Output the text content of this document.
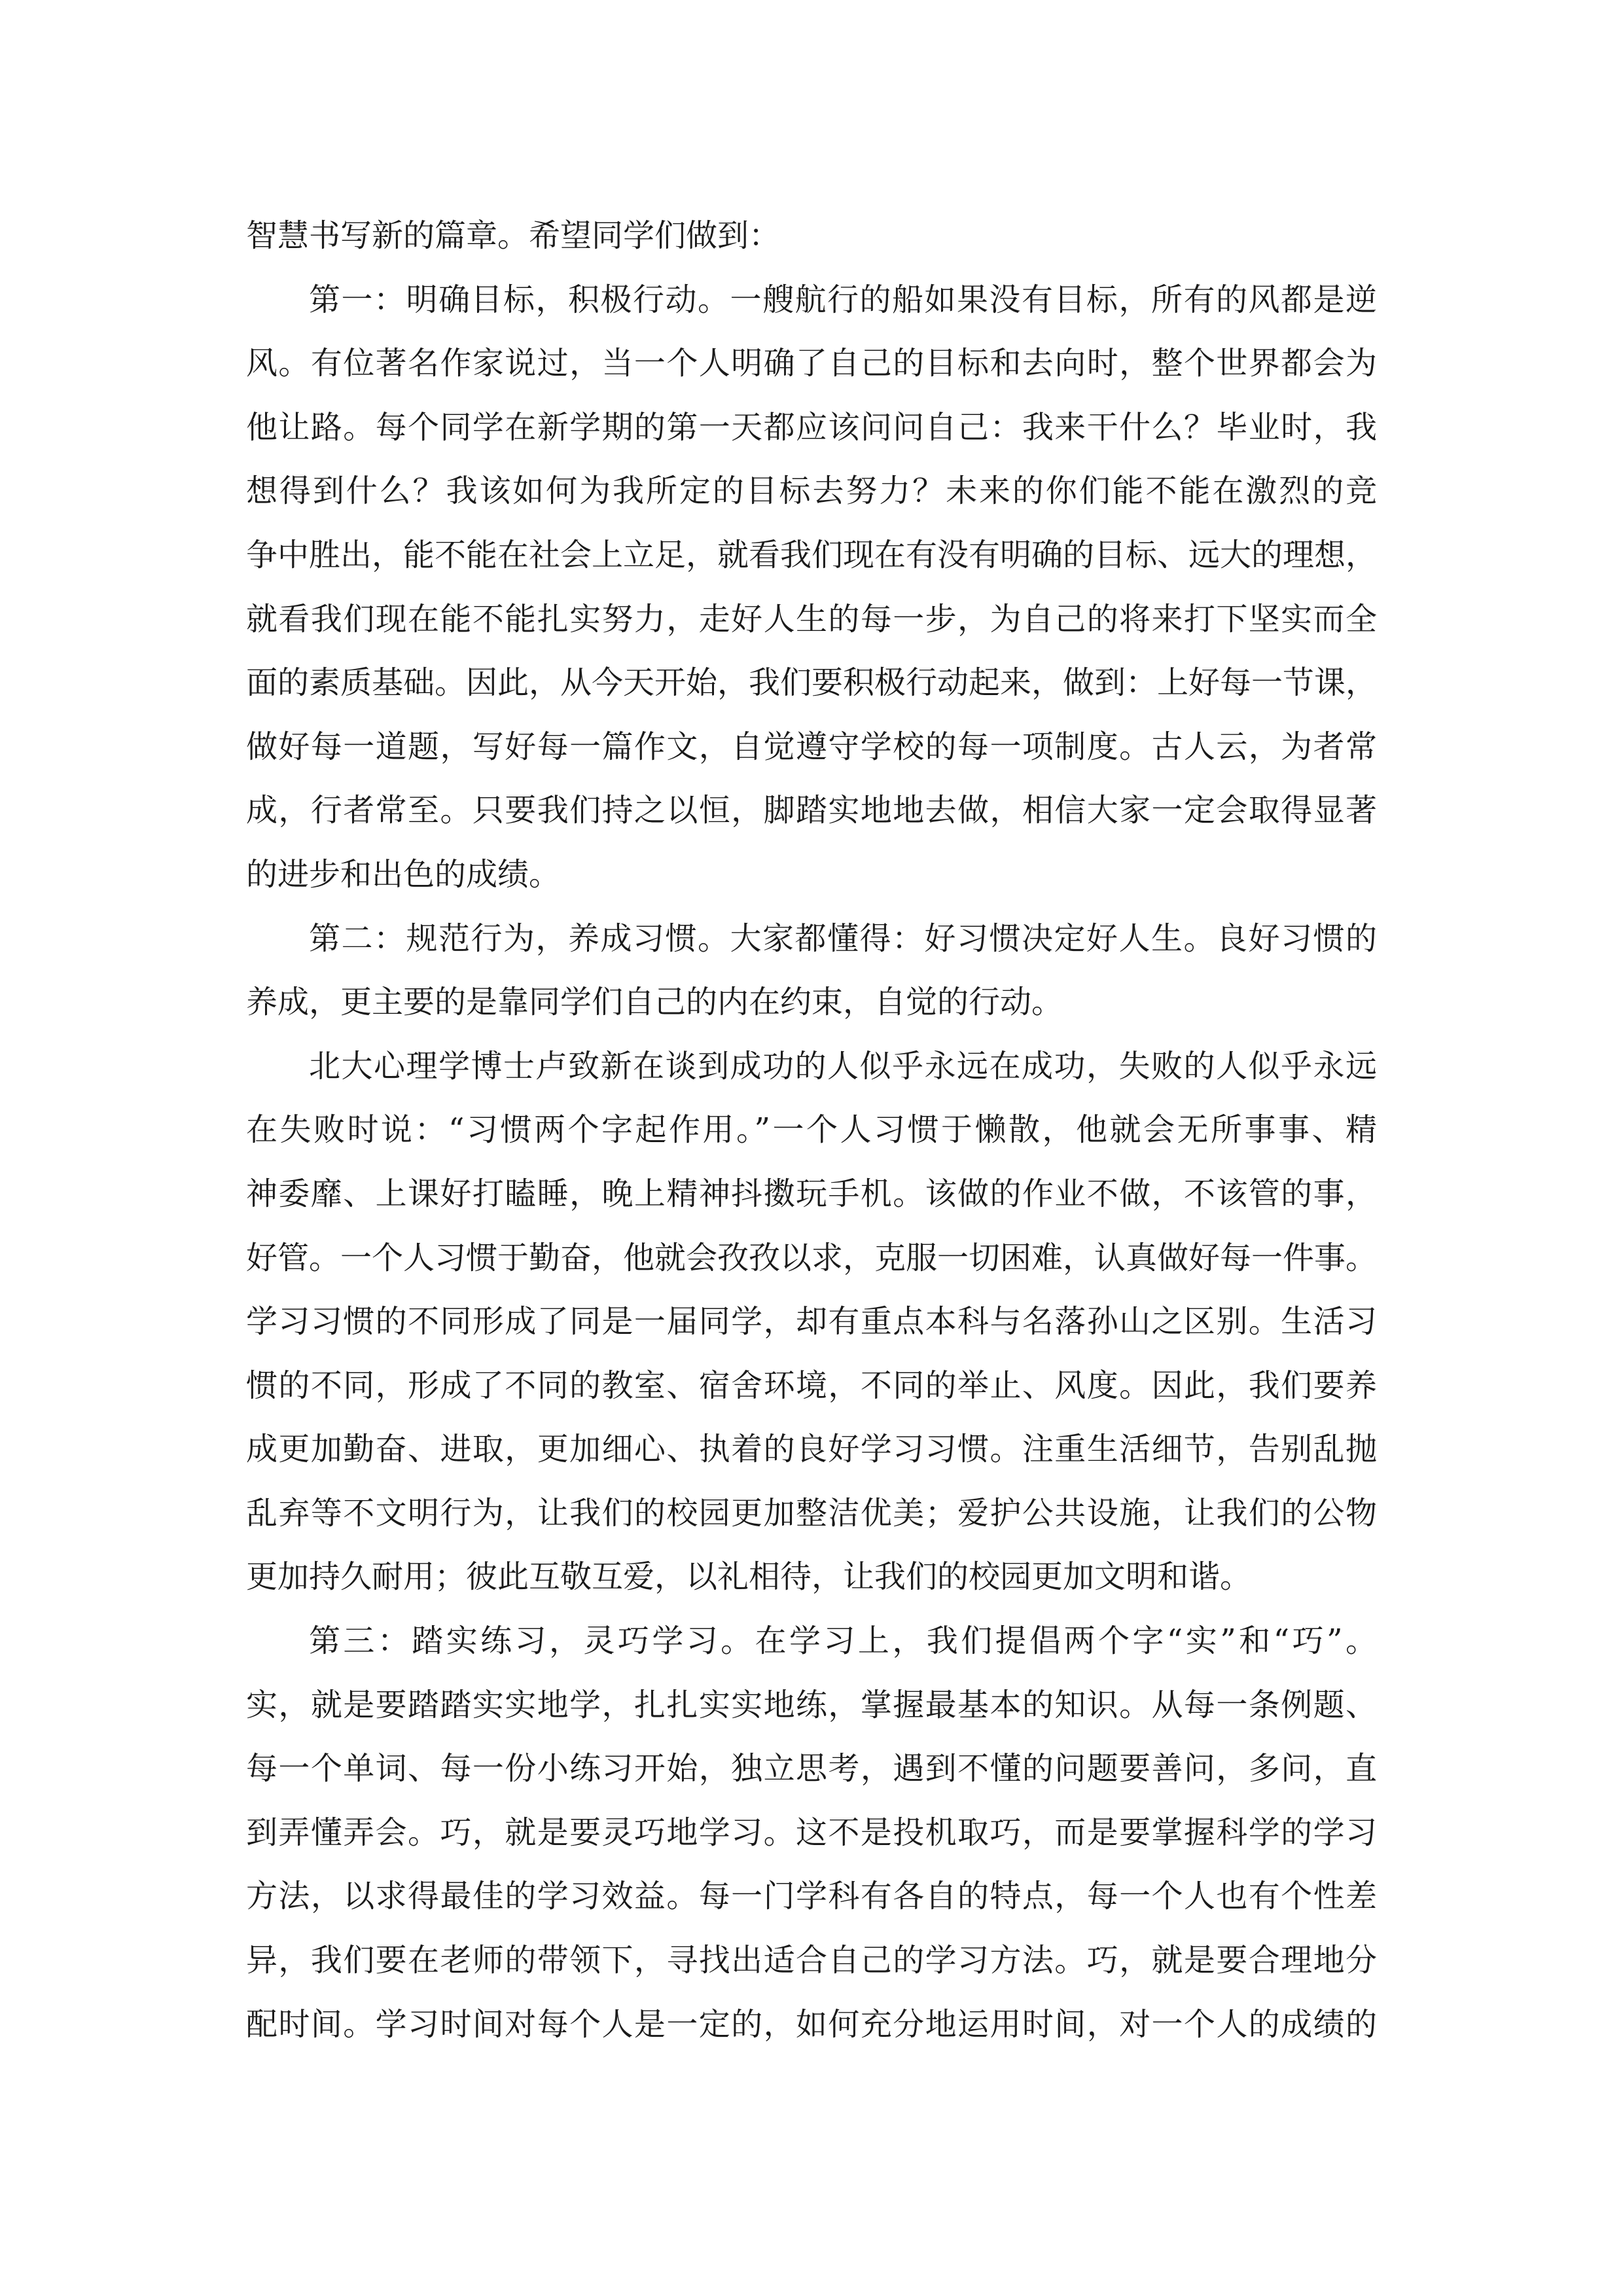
智慧书写新的篇章。希望同学们做到：
第一：明确目标，积极行动。一艘航行的船如果没有目标，所有的风都是逆
风。有位著名作家说过，当一个人明确了自己的目标和去向时，整个世界都会为
他让路。每个同学在新学期的第一天都应该问问自己：我来干什么？毕业时，我
想得到什么？我该如何为我所定的目标去努力？未来的你们能不能在激烈的竞
争中胜出，能不能在社会上立足，就看我们现在有没有明确的目标、远大的理想，
就看我们现在能不能扎实努力，走好人生的每一步，为自己的将来打下坚实而全
面的素质基础。因此，从今天开始，我们要积极行动起来，做到：上好每一节课，
做好每一道题，写好每一篇作文，自觉遵守学校的每一项制度。古人云，为者常
成，行者常至。只要我们持之以恒，脚踏实地地去做，相信大家一定会取得显著
的进步和出色的成绩。
第二：规范行为，养成习惯。大家都懂得：好习惯决定好人生。良好习惯的
养成，更主要的是靠同学们自己的内在约束，自觉的行动。
北大心理学博士卢致新在谈到成功的人似乎永远在成功，失败的人似乎永远
在失败时说：“习惯两个字起作用。”一个人习惯于懒散，他就会无所事事、精
神委靡、上课好打瞌睡，晚上精神抖擞玩手机。该做的作业不做，不该管的事，
好管。一个人习惯于勤奋，他就会孜孜以求，克服一切困难，认真做好每一件事。
学习习惯的不同形成了同是一届同学，却有重点本科与名落孙山之区别。生活习
惯的不同，形成了不同的教室、宿舍环境，不同的举止、风度。因此，我们要养
成更加勤奋、进取，更加细心、执着的良好学习习惯。注重生活细节，告别乱抛
乱弃等不文明行为，让我们的校园更加整洁优美；爱护公共设施，让我们的公物
更加持久耐用；彼此互敬互爱，以礼相待，让我们的校园更加文明和谐。
第三：踏实练习，灵巧学习。在学习上，我们提倡两个字“实”和“巧”。
实，就是要踏踏实实地学，扎扎实实地练，掌握最基本的知识。从每一条例题、
每一个单词、每一份小练习开始，独立思考，遇到不懂的问题要善问，多问，直
到弄懂弄会。巧，就是要灵巧地学习。这不是投机取巧，而是要掌握科学的学习
方法，以求得最佳的学习效益。每一门学科有各自的特点，每一个人也有个性差
异，我们要在老师的带领下，寻找出适合自己的学习方法。巧，就是要合理地分
配时间。学习时间对每个人是一定的，如何充分地运用时间，对一个人的成绩的
